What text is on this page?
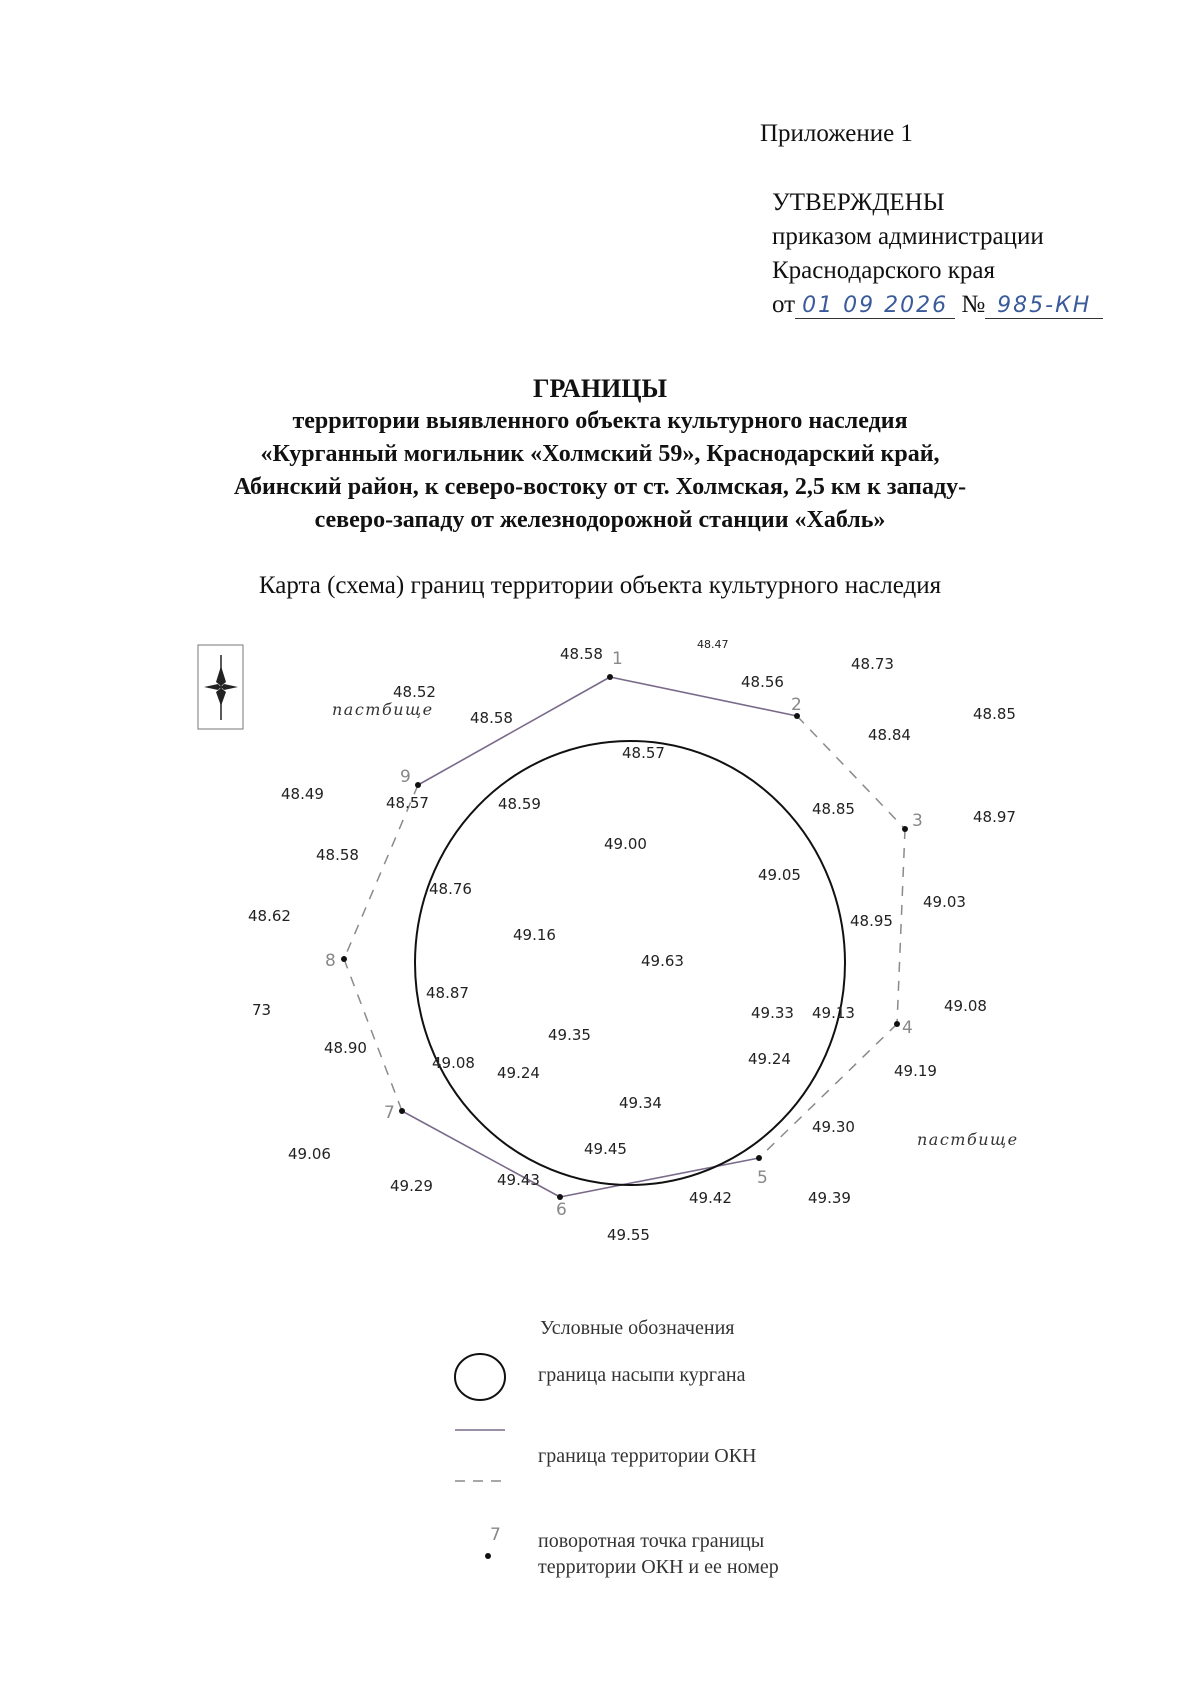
Приложение 1
УТВЕРЖДЕНЫ
приказом администрации
Краснодарского края
от 01 09 2026 № 985-КН
ГРАНИЦЫ
территории выявленного объекта культурного наследия
«Курганный могильник «Холмский 59», Краснодарский край,
Абинский район, к северо-востоку от ст. Холмская, 2,5 км к западу-
северо-западу от железнодорожной станции «Хабль»
Карта (схема) границ территории объекта культурного наследия
1
2
3
4
5
6
7
8
9
пастбище
пастбище
48.58
48.47
48.56
48.73
48.52
48.58	48.85
48.84
48.57
48.49	48.57	48.59	48.85	48.97
49.00
48.58
49.05
48.76
49.03
48.62	48.95
49.16
49.63
48.87
49.08
49.33 49.13
73
49.35
48.90
49.24
49.08
49.24	49.19
49.34
49.30
49.06	49.45
49.29	49.43
49.42	49.39
49.55
Условные обозначения
7
граница насыпи кургана
граница территории ОКН
поворотная точка границы
территории ОКН и ее номер
